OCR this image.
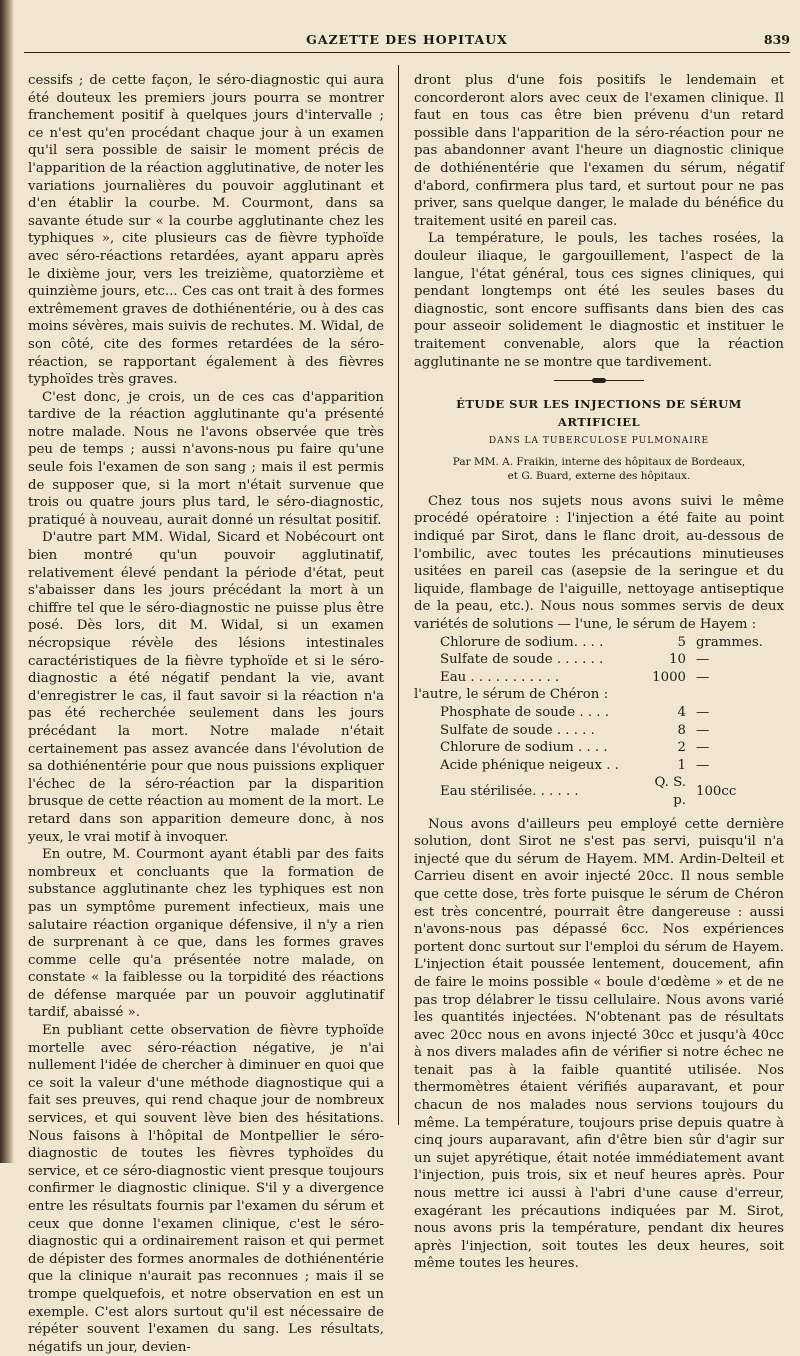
GAZETTE DES HOPITAUX	839

cessifs ; de cette façon, le séro-diagnostic qui aura été douteux les premiers jours pourra se montrer franchement positif à quelques jours d'intervalle ; ce n'est qu'en procédant chaque jour à un examen qu'il sera possible de saisir le moment précis de l'apparition de la réaction agglutinative, de noter les variations journalières du pouvoir agglutinant et d'en établir la courbe. M. Courmont, dans sa savante étude sur « la courbe agglutinante chez les typhiques », cite plusieurs cas de fièvre typhoïde avec séro-réactions retardées, ayant apparu après le dixième jour, vers les treizième, quatorzième et quinzième jours, etc... Ces cas ont trait à des formes extrêmement graves de dothiénentérie, ou à des cas moins sévères, mais suivis de rechutes. M. Widal, de son côté, cite des formes retardées de la séro-réaction, se rapportant également à des fièvres typhoïdes très graves.

C'est donc, je crois, un de ces cas d'apparition tardive de la réaction agglutinante qu'a présenté notre malade. Nous ne l'avons observée que très peu de temps ; aussi n'avons-nous pu faire qu'une seule fois l'examen de son sang ; mais il est permis de supposer que, si la mort n'était survenue que trois ou quatre jours plus tard, le séro-diagnostic, pratiqué à nouveau, aurait donné un résultat positif.

D'autre part MM. Widal, Sicard et Nobécourt ont bien montré qu'un pouvoir agglutinatif, relativement élevé pendant la période d'état, peut s'abaisser dans les jours précédant la mort à un chiffre tel que le séro-diagnostic ne puisse plus être posé. Dès lors, dit M. Widal, si un examen nécropsique révèle des lésions intestinales caractéristiques de la fièvre typhoïde et si le séro-diagnostic a été négatif pendant la vie, avant d'enregistrer le cas, il faut savoir si la réaction n'a pas été recherchée seulement dans les jours précédant la mort. Notre malade n'était certainement pas assez avancée dans l'évolution de sa dothiénentérie pour que nous puissions expliquer l'échec de la séro-réaction par la disparition brusque de cette réaction au moment de la mort. Le retard dans son apparition demeure donc, à nos yeux, le vrai motif à invoquer.

En outre, M. Courmont ayant établi par des faits nombreux et concluants que la formation de substance agglutinante chez les typhiques est non pas un symptôme purement infectieux, mais une salutaire réaction organique défensive, il n'y a rien de surprenant à ce que, dans les formes graves comme celle qu'a présentée notre malade, on constate « la faiblesse ou la torpidité des réactions de défense marquée par un pouvoir agglutinatif tardif, abaissé ».

En publiant cette observation de fièvre typhoïde mortelle avec séro-réaction négative, je n'ai nullement l'idée de chercher à diminuer en quoi que ce soit la valeur d'une méthode diagnostique qui a fait ses preuves, qui rend chaque jour de nombreux services, et qui souvent lève bien des hésitations. Nous faisons à l'hôpital de Montpellier le séro-diagnostic de toutes les fièvres typhoïdes du service, et ce séro-diagnostic vient presque toujours confirmer le diagnostic clinique. S'il y a divergence entre les résultats fournis par l'examen du sérum et ceux que donne l'examen clinique, c'est le séro-diagnostic qui a ordinairement raison et qui permet de dépister des formes anormales de dothiénentérie que la clinique n'aurait pas reconnues ; mais il se trompe quelquefois, et notre observation en est un exemple. C'est alors surtout qu'il est nécessaire de répéter souvent l'examen du sang. Les résultats, négatifs un jour, devien-

dront plus d'une fois positifs le lendemain et concorderont alors avec ceux de l'examen clinique. Il faut en tous cas être bien prévenu d'un retard possible dans l'apparition de la séro-réaction pour ne pas abandonner avant l'heure un diagnostic clinique de dothiénentérie que l'examen du sérum, négatif d'abord, confirmera plus tard, et surtout pour ne pas priver, sans quelque danger, le malade du bénéfice du traitement usité en pareil cas.

La température, le pouls, les taches rosées, la douleur iliaque, le gargouillement, l'aspect de la langue, l'état général, tous ces signes cliniques, qui pendant longtemps ont été les seules bases du diagnostic, sont encore suffisants dans bien des cas pour asseoir solidement le diagnostic et instituer le traitement convenable, alors que la réaction agglutinante ne se montre que tardivement.

ÉTUDE SUR LES INJECTIONS DE SÉRUM ARTIFICIEL
DANS LA TUBERCULOSE PULMONAIRE
Par MM. A. Fraikin, interne des hôpitaux de Bordeaux,
et G. Buard, externe des hôpitaux.

Chez tous nos sujets nous avons suivi le même procédé opératoire : l'injection a été faite au point indiqué par Sirot, dans le flanc droit, au-dessous de l'ombilic, avec toutes les précautions minutieuses usitées en pareil cas (asepsie de la seringue et du liquide, flambage de l'aiguille, nettoyage antiseptique de la peau, etc.). Nous nous sommes servis de deux variétés de solutions — l'une, le sérum de Hayem :

Chlorure de sodium. . . .	5	grammes.
Sulfate de soude . . . . . .	10	—
Eau . . . . . . . . . . .	1000	—

l'autre, le sérum de Chéron :

Phosphate de soude . . . .	4	—
Sulfate de soude . . . . .	8	—
Chlorure de sodium . . . .	2	—
Acide phénique neigeux . .	1	—
Eau stérilisée. . . . . .	Q. S. p.	100cc

Nous avons d'ailleurs peu employé cette dernière solution, dont Sirot ne s'est pas servi, puisqu'il n'a injecté que du sérum de Hayem. MM. Ardin-Delteil et Carrieu disent en avoir injecté 20cc. Il nous semble que cette dose, très forte puisque le sérum de Chéron est très concentré, pourrait être dangereuse : aussi n'avons-nous pas dépassé 6cc. Nos expériences portent donc surtout sur l'emploi du sérum de Hayem. L'injection était poussée lentement, doucement, afin de faire le moins possible « boule d'œdème » et de ne pas trop délabrer le tissu cellulaire. Nous avons varié les quantités injectées. N'obtenant pas de résultats avec 20cc nous en avons injecté 30cc et jusqu'à 40cc à nos divers malades afin de vérifier si notre échec ne tenait pas à la faible quantité utilisée. Nos thermomètres étaient vérifiés auparavant, et pour chacun de nos malades nous servions toujours du même. La température, toujours prise depuis quatre à cinq jours auparavant, afin d'être bien sûr d'agir sur un sujet apyrétique, était notée immédiatement avant l'injection, puis trois, six et neuf heures après. Pour nous mettre ici aussi à l'abri d'une cause d'erreur, exagérant les précautions indiquées par M. Sirot, nous avons pris la température, pendant dix heures après l'injection, soit toutes les deux heures, soit même toutes les heures.
